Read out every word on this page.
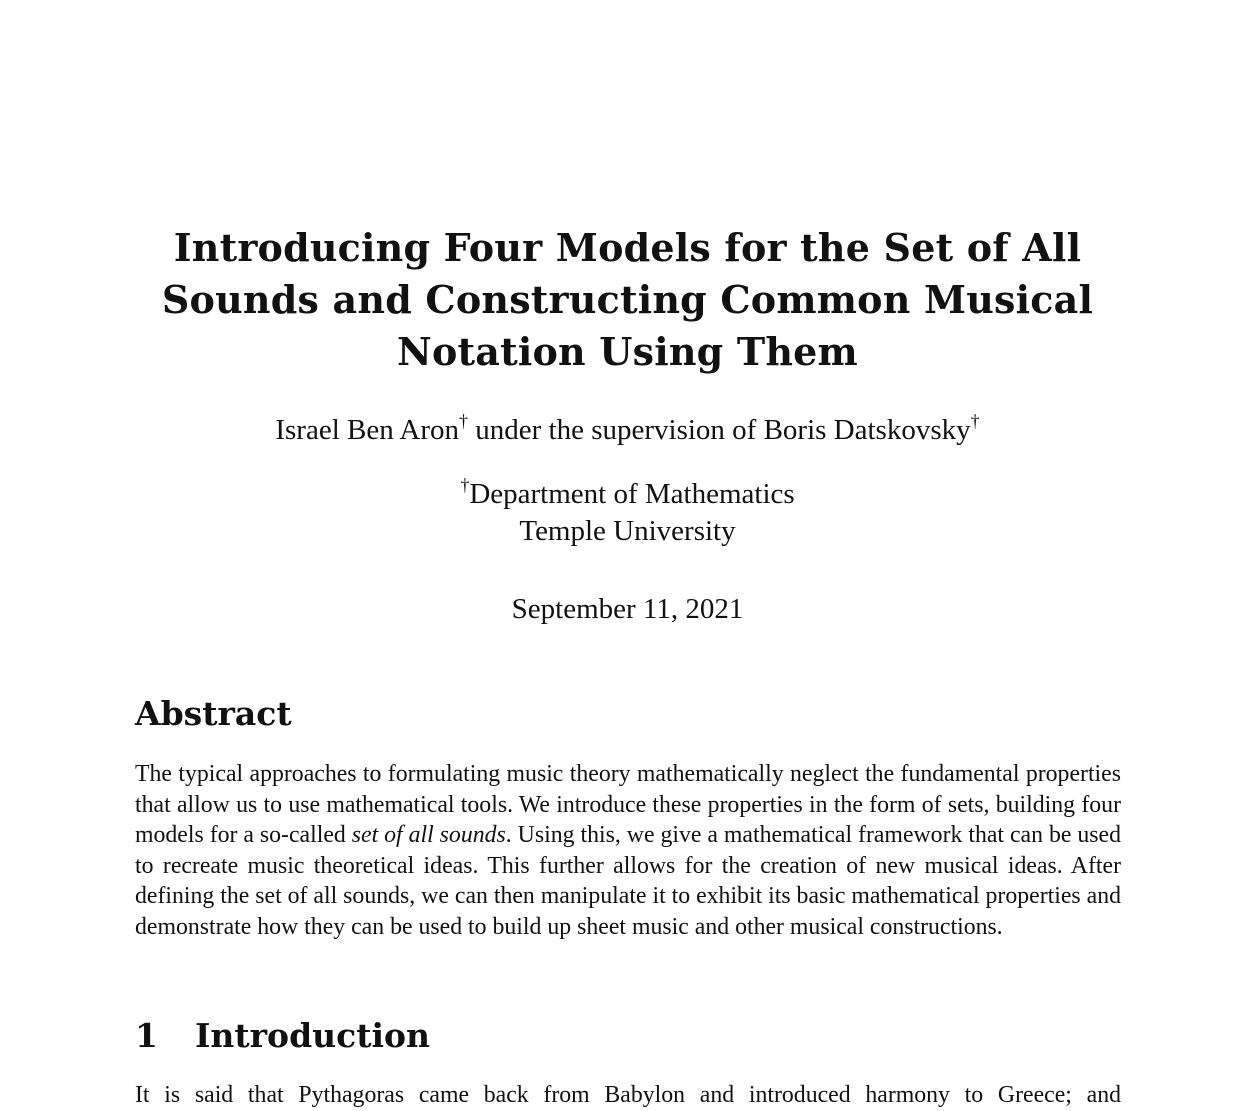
Introducing Four Models for the Set of All Sounds and Constructing Common Musical Notation Using Them
Israel Ben Aron† under the supervision of Boris Datskovsky†
†Department of Mathematics
Temple University
September 11, 2021
Abstract

The typical approaches to formulating music theory mathematically neglect the fundamental properties that allow us to use mathematical tools. We introduce these properties in the form of sets, building four models for a so-called set of all sounds. Using this, we give a mathematical framework that can be used to recreate music theoretical ideas. This further allows for the creation of new musical ideas. After defining the set of all sounds, we can then manipulate it to exhibit its basic mathematical properties and demonstrate how they can be used to build up sheet music and other musical constructions.

1 Introduction

It is said that Pythagoras came back from Babylon and introduced harmony to Greece; and
